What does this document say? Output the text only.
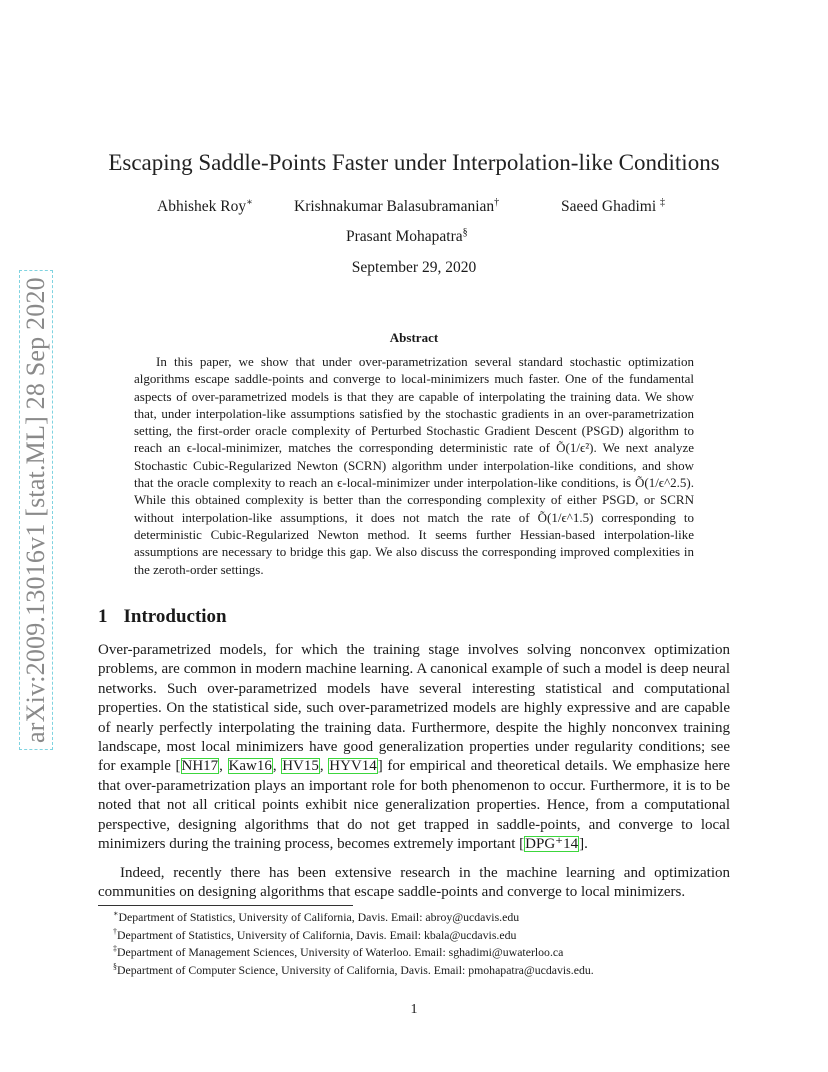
arXiv:2009.13016v1 [stat.ML] 28 Sep 2020
Escaping Saddle-Points Faster under Interpolation-like Conditions
Abhishek Roy∗	Krishnakumar Balasubramanian†	Saeed Ghadimi ‡
Prasant Mohapatra§
September 29, 2020
Abstract
In this paper, we show that under over-parametrization several standard stochastic optimization algorithms escape saddle-points and converge to local-minimizers much faster. One of the fundamental aspects of over-parametrized models is that they are capable of interpolating the training data. We show that, under interpolation-like assumptions satisfied by the stochastic gradients in an over-parametrization setting, the first-order oracle complexity of Perturbed Stochastic Gradient Descent (PSGD) algorithm to reach an ϵ-local-minimizer, matches the corresponding deterministic rate of Õ(1/ϵ²). We next analyze Stochastic Cubic-Regularized Newton (SCRN) algorithm under interpolation-like conditions, and show that the oracle complexity to reach an ϵ-local-minimizer under interpolation-like conditions, is Õ(1/ϵ^2.5). While this obtained complexity is better than the corresponding complexity of either PSGD, or SCRN without interpolation-like assumptions, it does not match the rate of Õ(1/ϵ^1.5) corresponding to deterministic Cubic-Regularized Newton method. It seems further Hessian-based interpolation-like assumptions are necessary to bridge this gap. We also discuss the corresponding improved complexities in the zeroth-order settings.
1 Introduction
Over-parametrized models, for which the training stage involves solving nonconvex optimization problems, are common in modern machine learning. A canonical example of such a model is deep neural networks. Such over-parametrized models have several interesting statistical and computational properties. On the statistical side, such over-parametrized models are highly expressive and are capable of nearly perfectly interpolating the training data. Furthermore, despite the highly nonconvex training landscape, most local minimizers have good generalization properties under regularity conditions; see for example [NH17, Kaw16, HV15, HYV14] for empirical and theoretical details. We emphasize here that over-parametrization plays an important role for both phenomenon to occur. Furthermore, it is to be noted that not all critical points exhibit nice generalization properties. Hence, from a computational perspective, designing algorithms that do not get trapped in saddle-points, and converge to local minimizers during the training process, becomes extremely important [DPG⁺14].
Indeed, recently there has been extensive research in the machine learning and optimization communities on designing algorithms that escape saddle-points and converge to local minimizers.
∗Department of Statistics, University of California, Davis. Email: abroy@ucdavis.edu
†Department of Statistics, University of California, Davis. Email: kbala@ucdavis.edu
‡Department of Management Sciences, University of Waterloo. Email: sghadimi@uwaterloo.ca
§Department of Computer Science, University of California, Davis. Email: pmohapatra@ucdavis.edu.
1
